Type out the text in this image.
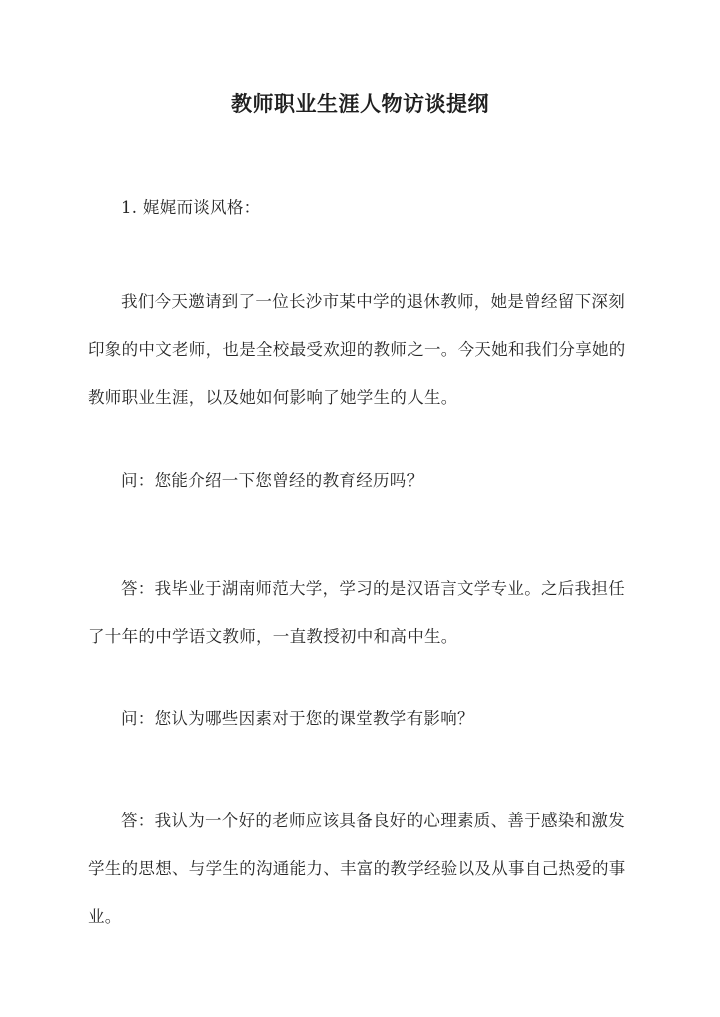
教师职业生涯人物访谈提纲

1. 娓娓而谈风格：

我们今天邀请到了一位长沙市某中学的退休教师，她是曾经留下深刻印象的中文老师，也是全校最受欢迎的教师之一。今天她和我们分享她的教师职业生涯，以及她如何影响了她学生的人生。

问：您能介绍一下您曾经的教育经历吗？

答：我毕业于湖南师范大学，学习的是汉语言文学专业。之后我担任了十年的中学语文教师，一直教授初中和高中生。

问：您认为哪些因素对于您的课堂教学有影响？

答：我认为一个好的老师应该具备良好的心理素质、善于感染和激发学生的思想、与学生的沟通能力、丰富的教学经验以及从事自己热爱的事业。
